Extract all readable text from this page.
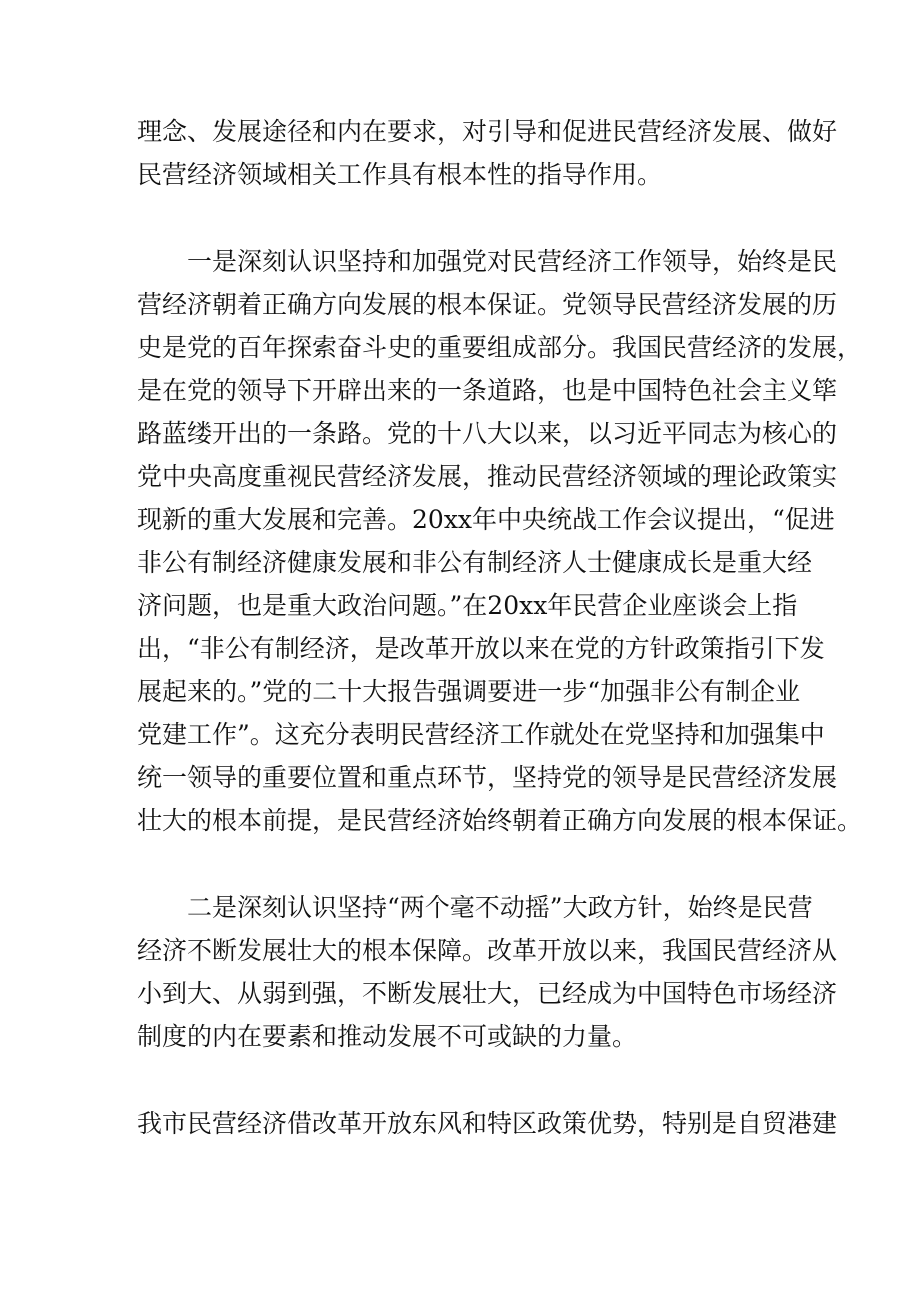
理念、发展途径和内在要求，对引导和促进民营经济发展、做好
民营经济领域相关工作具有根本性的指导作用。
一是深刻认识坚持和加强党对民营经济工作领导，始终是民
营经济朝着正确方向发展的根本保证。党领导民营经济发展的历
史是党的百年探索奋斗史的重要组成部分。我国民营经济的发展，
是在党的领导下开辟出来的一条道路，也是中国特色社会主义筚
路蓝缕开出的一条路。党的十八大以来，以习近平同志为核心的
党中央高度重视民营经济发展，推动民营经济领域的理论政策实
现新的重大发展和完善。20xx年中央统战工作会议提出，“促进
非公有制经济健康发展和非公有制经济人士健康成长是重大经
济问题，也是重大政治问题。”在20xx年民营企业座谈会上指
出，“非公有制经济，是改革开放以来在党的方针政策指引下发
展起来的。”党的二十大报告强调要进一步“加强非公有制企业
党建工作”。这充分表明民营经济工作就处在党坚持和加强集中
统一领导的重要位置和重点环节，坚持党的领导是民营经济发展
壮大的根本前提，是民营经济始终朝着正确方向发展的根本保证。
二是深刻认识坚持“两个毫不动摇”大政方针，始终是民营
经济不断发展壮大的根本保障。改革开放以来，我国民营经济从
小到大、从弱到强，不断发展壮大，已经成为中国特色市场经济
制度的内在要素和推动发展不可或缺的力量。
我市民营经济借改革开放东风和特区政策优势，特别是自贸港建
